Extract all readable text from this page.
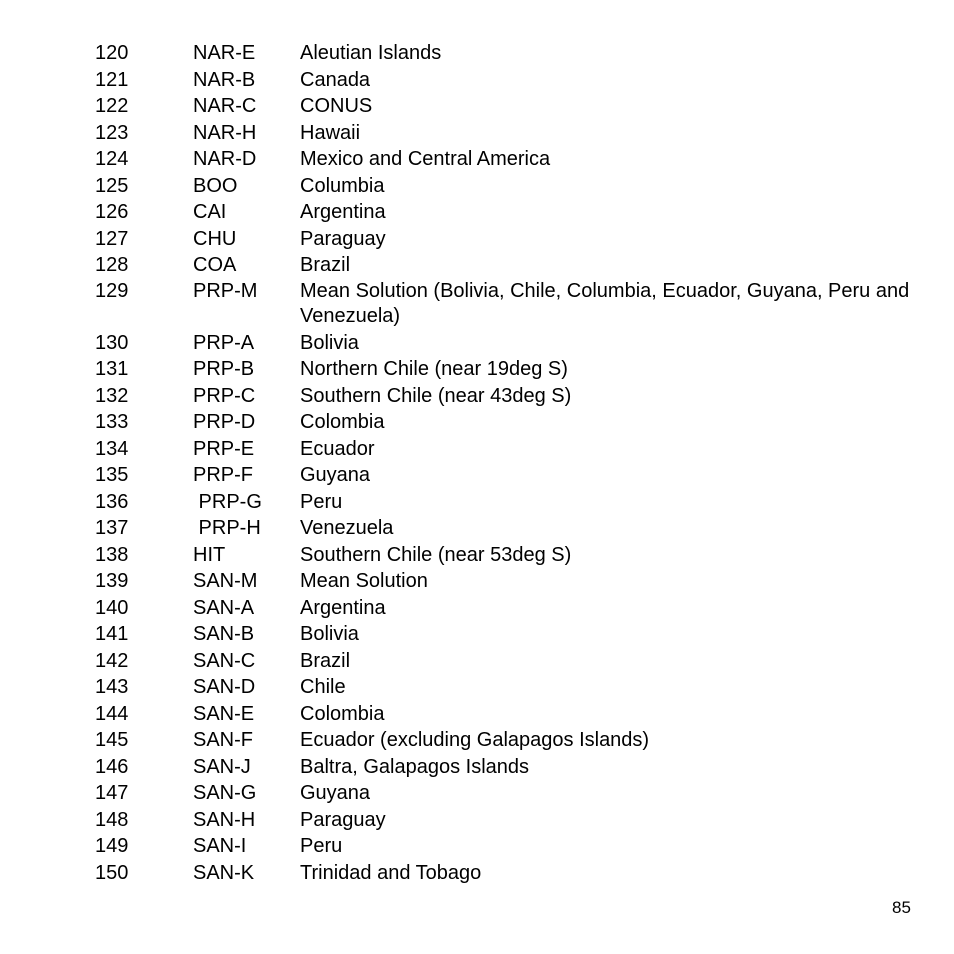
120	NAR-E Aleutian Islands
121	NAR-B Canada
122	NAR-C CONUS
123	NAR-H Hawaii
124	NAR-D Mexico and Central America
125	BOO	Columbia
126	CAI	Argentina
127	CHU	Paraguay
128	COA	Brazil
129	PRP-M Mean Solution (Bolivia, Chile, Columbia, Ecuador, Guyana, Peru and Venezuela)
130	PRP-A Bolivia
131	PRP-B Northern Chile (near 19deg S)
132	PRP-C Southern Chile (near 43deg S)
133	PRP-D Colombia
134	PRP-E Ecuador
135	PRP-F Guyana
136	PRP-G Peru
137	PRP-H Venezuela
138	HIT	Southern Chile (near 53deg S)
139	SAN-M Mean Solution
140	SAN-A Argentina
141	SAN-B Bolivia
142	SAN-C Brazil
143	SAN-D Chile
144	SAN-E Colombia
145	SAN-F Ecuador (excluding Galapagos Islands)
146	SAN-J Baltra, Galapagos Islands
147	SAN-G Guyana
148	SAN-H Paraguay
149	SAN-I	Peru
150	SAN-K Trinidad and Tobago
85
